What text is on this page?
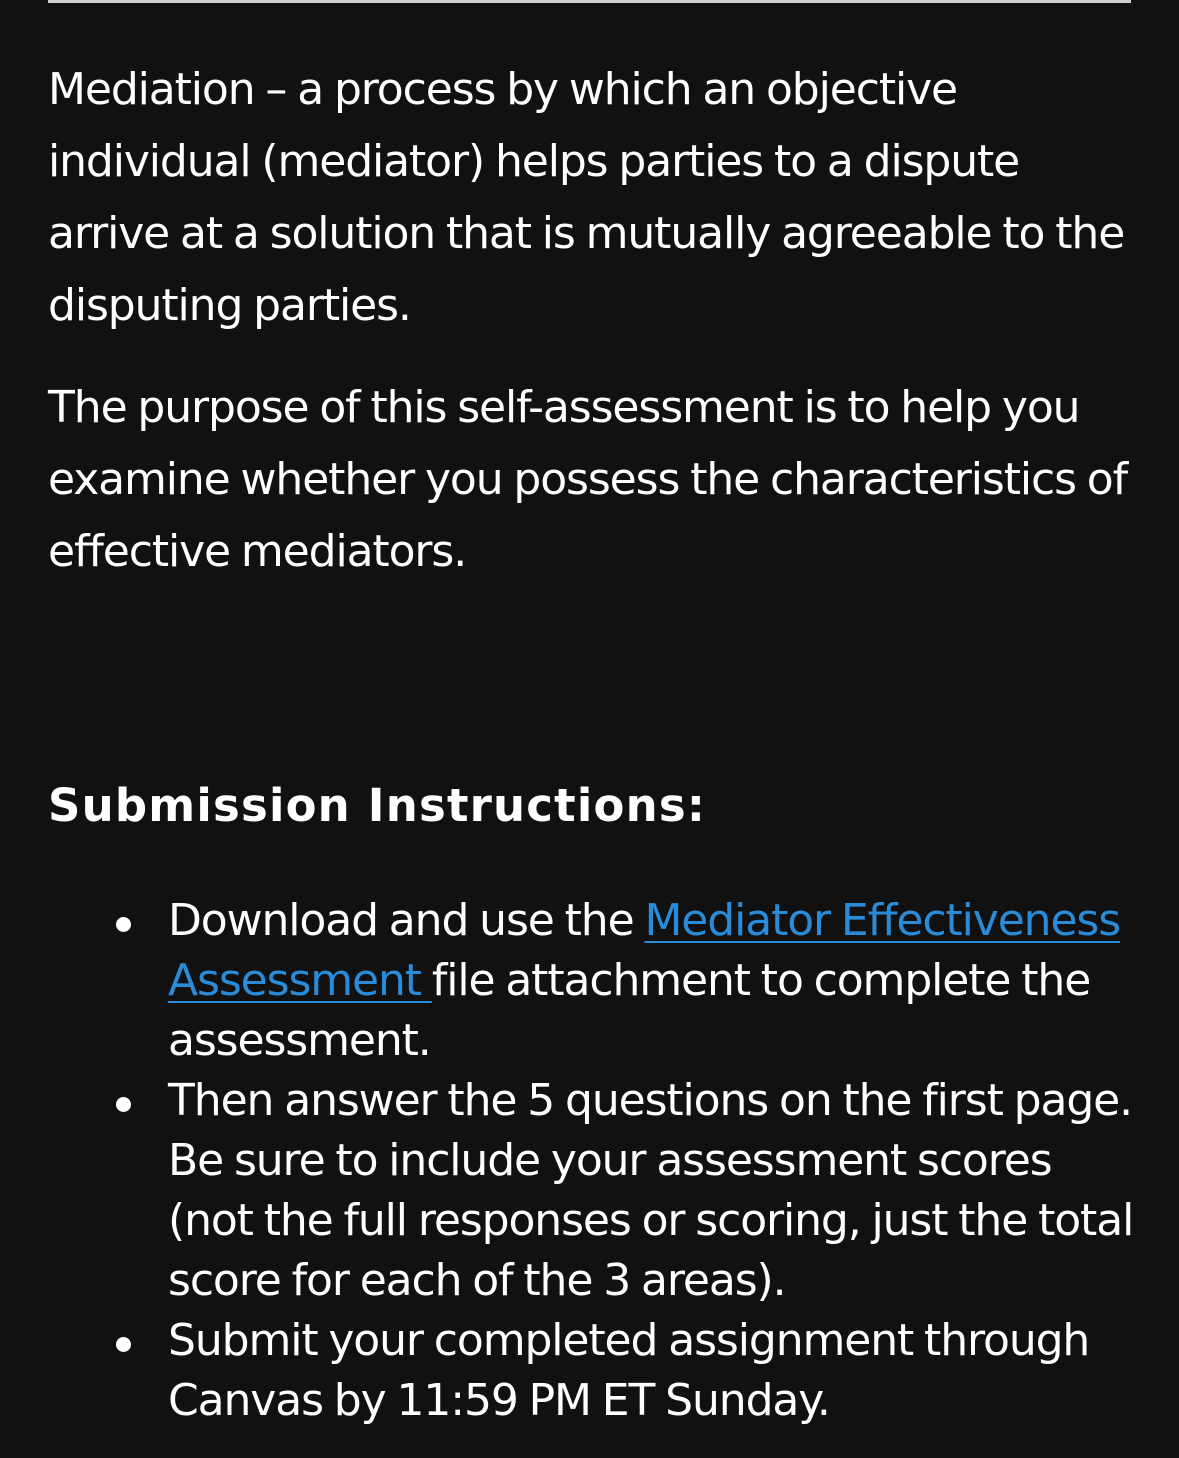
Mediation – a process by which an objective individual (mediator) helps parties to a dispute arrive at a solution that is mutually agreeable to the disputing parties.

The purpose of this self-assessment is to help you examine whether you possess the characteristics of effective mediators.

Submission Instructions:
Download and use the Mediator Effectiveness Assessment file attachment to complete the assessment.
Then answer the 5 questions on the first page. Be sure to include your assessment scores (not the full responses or scoring, just the total score for each of the 3 areas).
Submit your completed assignment through Canvas by 11:59 PM ET Sunday.
